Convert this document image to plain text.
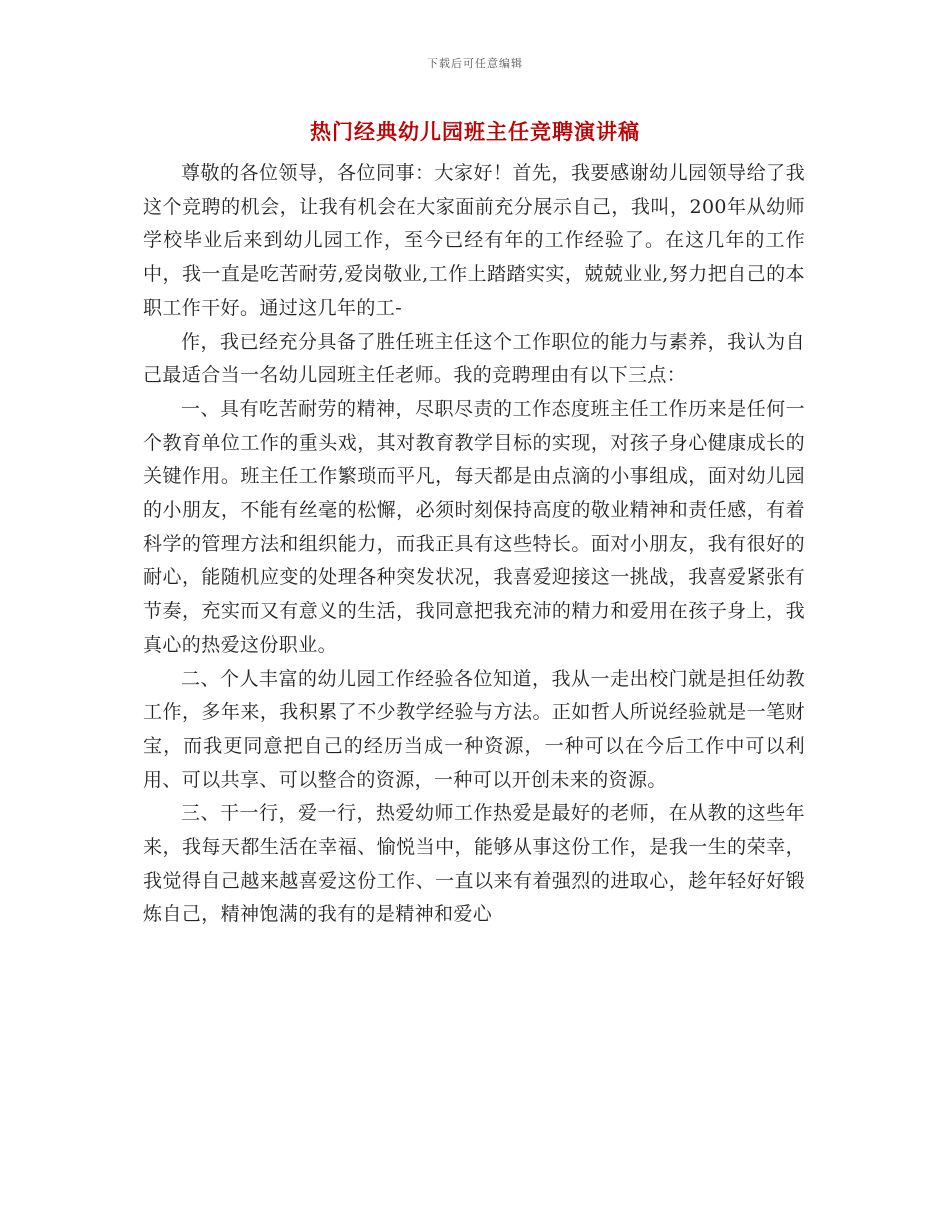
下载后可任意编辑
热门经典幼儿园班主任竞聘演讲稿

尊敬的各位领导，各位同事：大家好！首先，我要感谢幼儿园领导给了我这个竞聘的机会，让我有机会在大家面前充分展示自己，我叫，200年从幼师学校毕业后来到幼儿园工作，至今已经有年的工作经验了。在这几年的工作中，我一直是吃苦耐劳,爱岗敬业,工作上踏踏实实，兢兢业业,努力把自己的本职工作干好。通过这几年的工-

作，我已经充分具备了胜任班主任这个工作职位的能力与素养，我认为自己最适合当一名幼儿园班主任老师。我的竞聘理由有以下三点：

一、具有吃苦耐劳的精神，尽职尽责的工作态度班主任工作历来是任何一个教育单位工作的重头戏，其对教育教学目标的实现，对孩子身心健康成长的关键作用。班主任工作繁琐而平凡，每天都是由点滴的小事组成，面对幼儿园的小朋友，不能有丝毫的松懈，必须时刻保持高度的敬业精神和责任感，有着科学的管理方法和组织能力，而我正具有这些特长。面对小朋友，我有很好的耐心，能随机应变的处理各种突发状况，我喜爱迎接这一挑战，我喜爱紧张有节奏，充实而又有意义的生活，我同意把我充沛的精力和爱用在孩子身上，我真心的热爱这份职业。

二、个人丰富的幼儿园工作经验各位知道，我从一走出校门就是担任幼教工作，多年来，我积累了不少教学经验与方法。正如哲人所说经验就是一笔财宝，而我更同意把自己的经历当成一种资源，一种可以在今后工作中可以利用、可以共享、可以整合的资源，一种可以开创未来的资源。

三、干一行，爱一行，热爱幼师工作热爱是最好的老师，在从教的这些年来，我每天都生活在幸福、愉悦当中，能够从事这份工作，是我一生的荣幸，我觉得自己越来越喜爱这份工作、一直以来有着强烈的进取心，趁年轻好好锻炼自己，精神饱满的我有的是精神和爱心
